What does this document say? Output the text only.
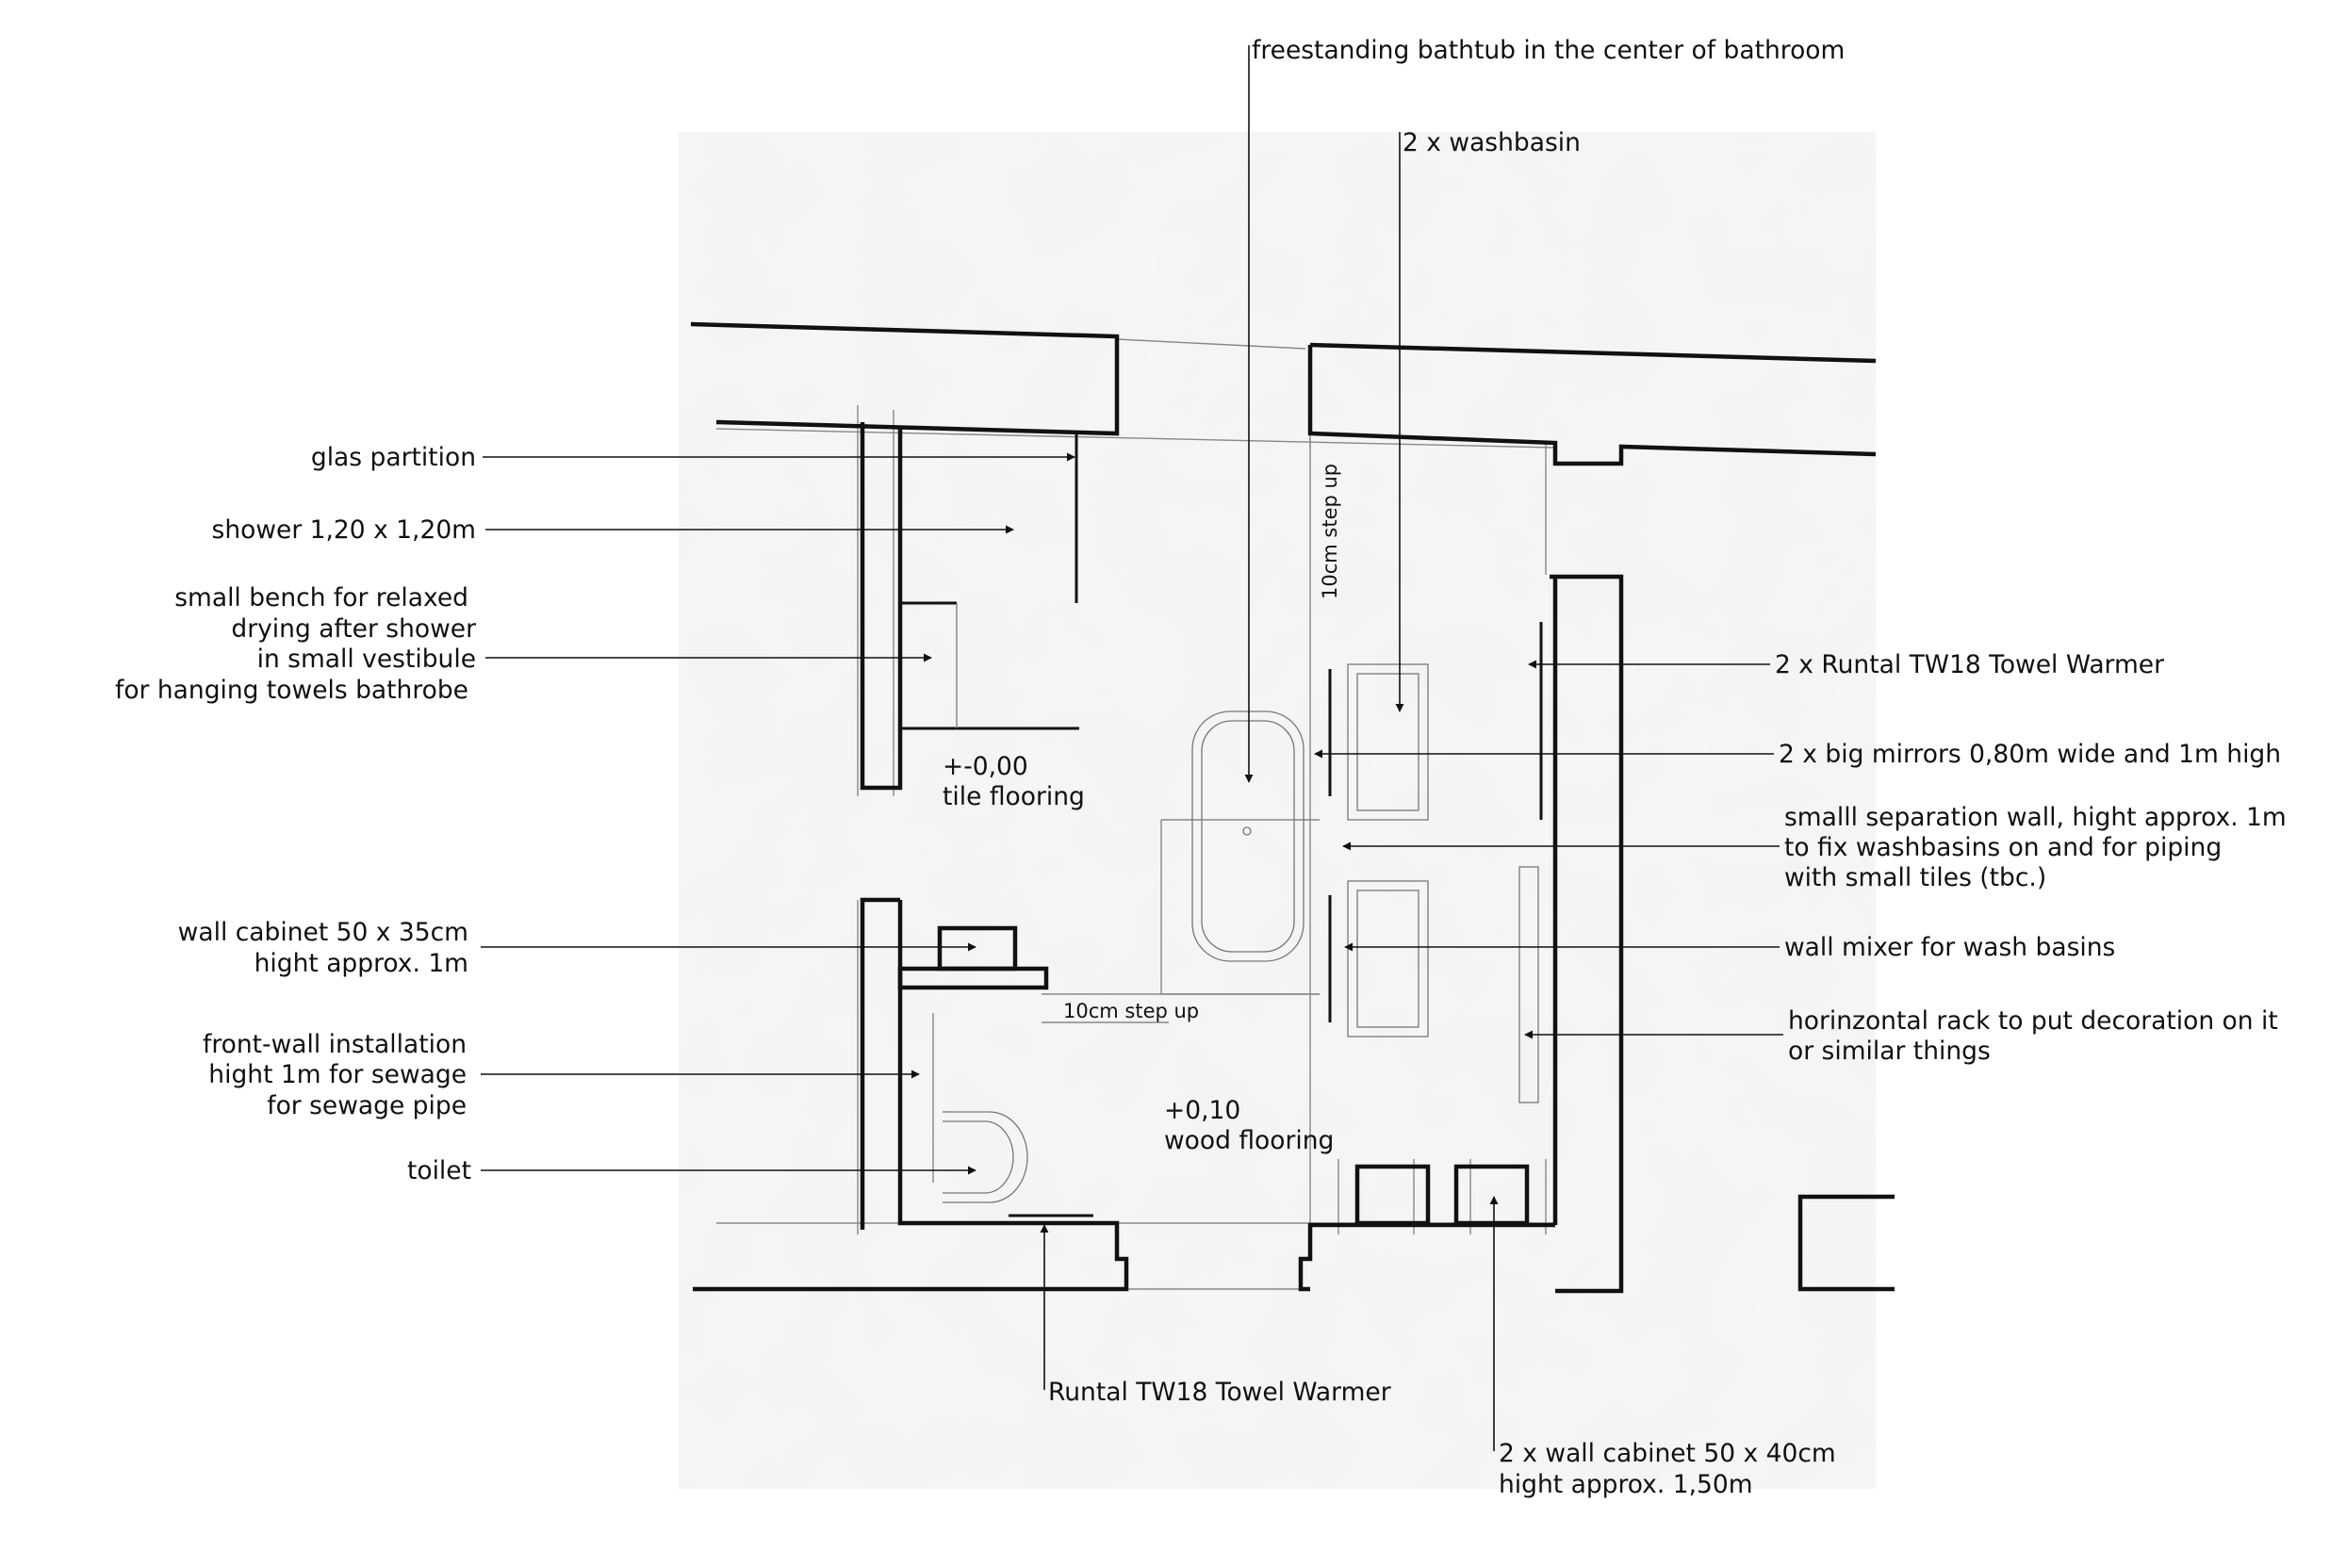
freestanding bathtub in the center of bathroom
2 x washbasin
glas partition
shower 1,20 x 1,20m
small bench for relaxed
drying after shower
in small vestibule
for hanging towels bathrobe
2 x Runtal TW18 Towel Warmer
2 x big mirrors 0,80m wide and 1m high
smalll separation wall, hight approx. 1m
to fix washbasins on and for piping
with small tiles (tbc.)
wall mixer for wash basins
horinzontal rack to put decoration on it
or similar things
wall cabinet 50 x 35cm
hight approx. 1m
front-wall installation
hight 1m for sewage
for sewage pipe
toilet
Runtal TW18 Towel Warmer
2 x wall cabinet 50 x 40cm
hight approx. 1,50m
+-0,00
tile flooring
+0,10
wood flooring
10cm step up
10cm step up
